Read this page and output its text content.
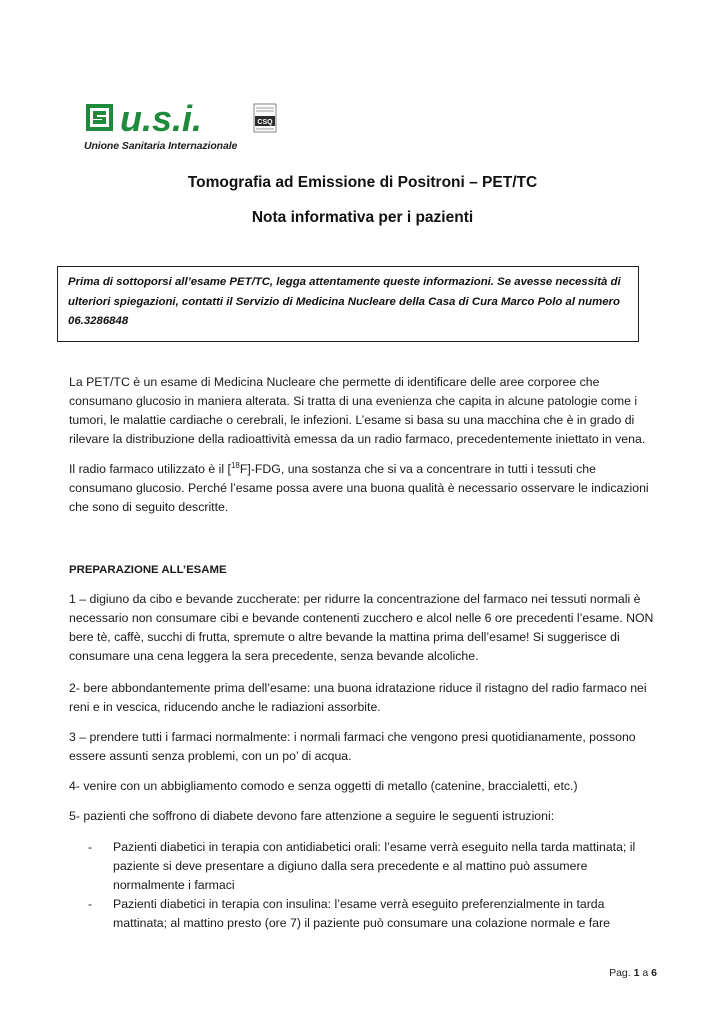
u.s.i.	CSQ
Unione Sanitaria Internazionale
Tomografia ad Emissione di Positroni – PET/TC
Nota informativa per i pazienti
Prima di sottoporsi all’esame PET/TC, legga attentamente queste informazioni. Se avesse necessità di ulteriori spiegazioni, contatti il Servizio di Medicina Nucleare della Casa di Cura Marco Polo al numero 06.3286848

La PET/TC è un esame di Medicina Nucleare che permette di identificare delle aree corporee che consumano glucosio in maniera alterata. Si tratta di una evenienza che capita in alcune patologie come i tumori, le malattie cardiache o cerebrali, le infezioni. L’esame si basa su una macchina che è in grado di rilevare la distribuzione della radioattività emessa da un radio farmaco, precedentemente iniettato in vena.

Il radio farmaco utilizzato è il [$^{18}$F]-FDG, una sostanza che si va a concentrare in tutti i tessuti che consumano glucosio. Perché l’esame possa avere una buona qualità è necessario osservare le indicazioni che sono di seguito descritte.

PREPARAZIONE ALL’ESAME

1 – digiuno da cibo e bevande zuccherate: per ridurre la concentrazione del farmaco nei tessuti normali è necessario non consumare cibi e bevande contenenti zucchero e alcol nelle 6 ore precedenti l’esame. NON bere tè, caffè, succhi di frutta, spremute o altre bevande la mattina prima dell’esame! Si suggerisce di consumare una cena leggera la sera precedente, senza bevande alcoliche.

2- bere abbondantemente prima dell’esame: una buona idratazione riduce il ristagno del radio farmaco nei reni e in vescica, riducendo anche le radiazioni assorbite.

3 – prendere tutti i farmaci normalmente: i normali farmaci che vengono presi quotidianamente, possono essere assunti senza problemi, con un po’ di acqua.

4- venire con un abbigliamento comodo e senza oggetti di metallo (catenine, braccialetti, etc.)

5- pazienti che soffrono di diabete devono fare attenzione a seguire le seguenti istruzioni:

- Pazienti diabetici in terapia con antidiabetici orali: l’esame verrà eseguito nella tarda mattinata; il paziente si deve presentare a digiuno dalla sera precedente e al mattino può assumere normalmente i farmaci
- Pazienti diabetici in terapia con insulina: l’esame verrà eseguito preferenzialmente in tarda mattinata; al mattino presto (ore 7) il paziente può consumare una colazione normale e fare
Pag. 1 a 6
